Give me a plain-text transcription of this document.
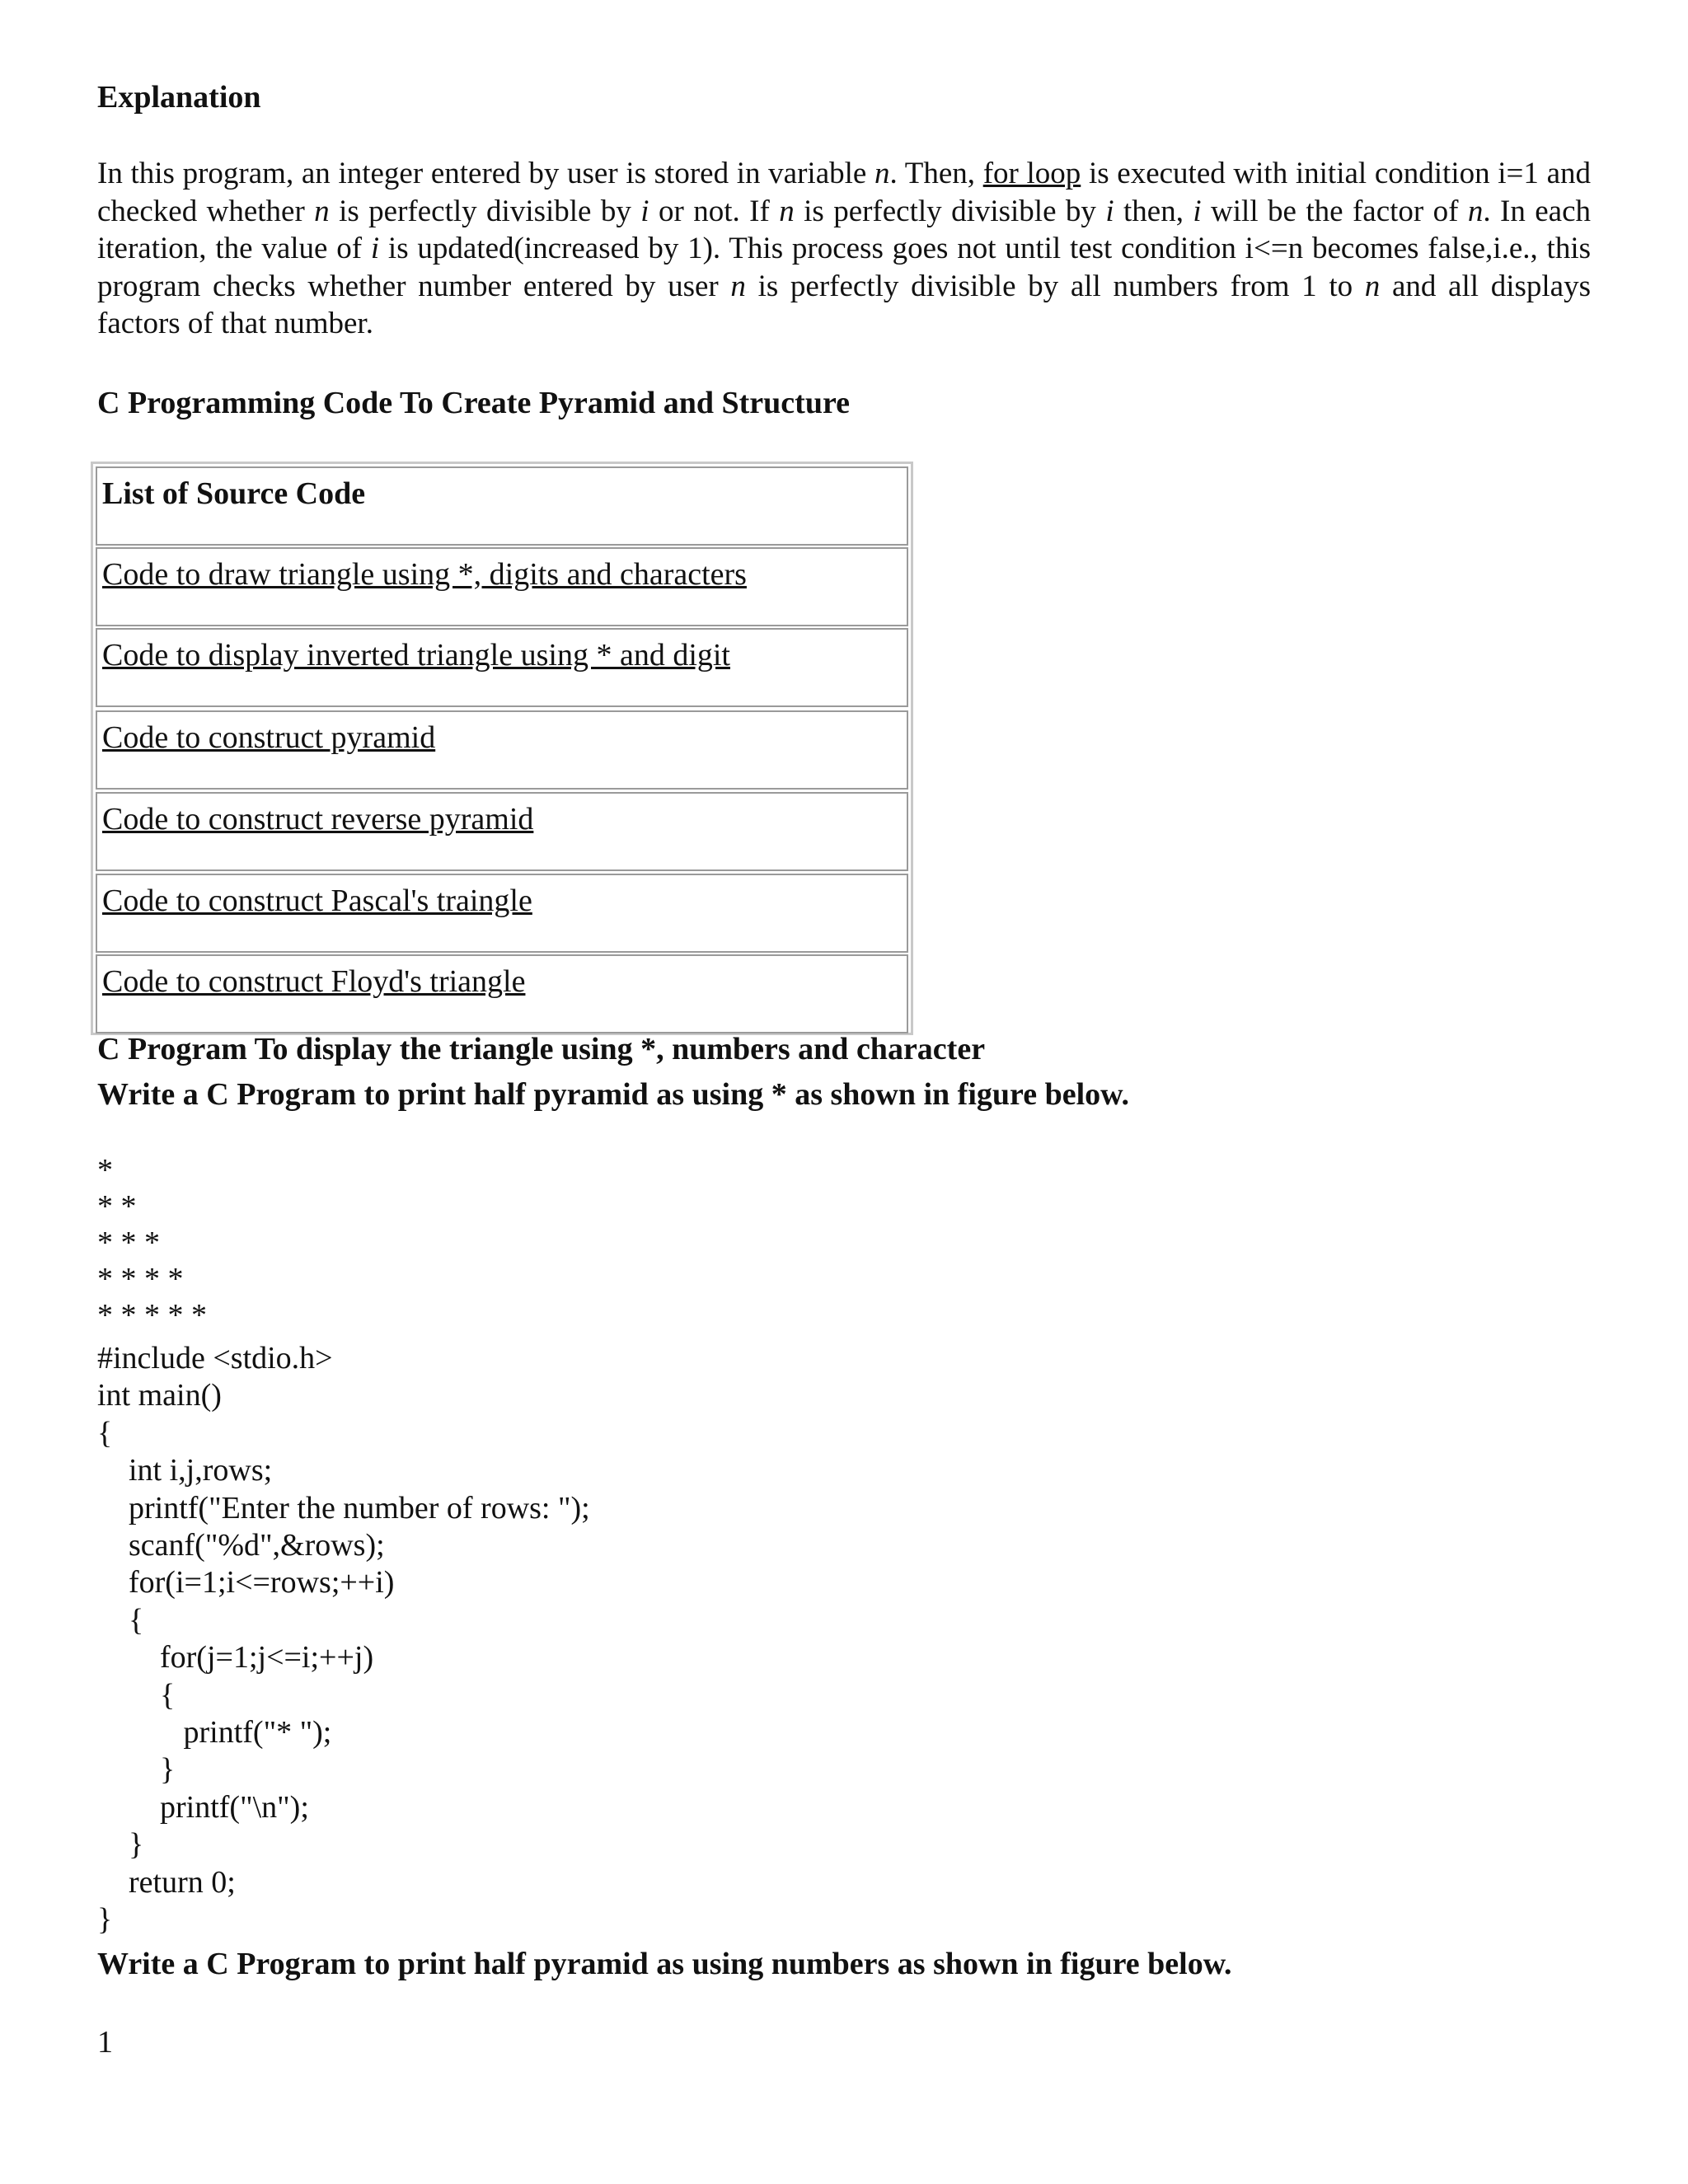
Explanation
In this program, an integer entered by user is stored in variable n. Then, for loop is executed with initial condition i=1 and checked whether n is perfectly divisible by i or not. If n is perfectly divisible by i then, i will be the factor of n. In each iteration, the value of i is updated(increased by 1). This process goes not until test condition i<=n becomes false,i.e., this program checks whether number entered by user n is perfectly divisible by all numbers from 1 to n and all displays factors of that number.
C Programming Code To Create Pyramid and Structure
List of Source Code
Code to draw triangle using *, digits and characters
Code to display inverted triangle using * and digit
Code to construct pyramid
Code to construct reverse pyramid
Code to construct Pascal's traingle
Code to construct Floyd's triangle
C Program To display the triangle using *, numbers and character
Write a C Program to print half pyramid as using * as shown in figure below.
*
* *
* * *
* * * *
* * * * *
#include <stdio.h>
int main()
{
int i,j,rows;
printf("Enter the number of rows: ");
scanf("%d",&rows);
for(i=1;i<=rows;++i)
{
for(j=1;j<=i;++j)
{
printf("* ");
}
printf("\n");
}
return 0;
}
Write a C Program to print half pyramid as using numbers as shown in figure below.
1
